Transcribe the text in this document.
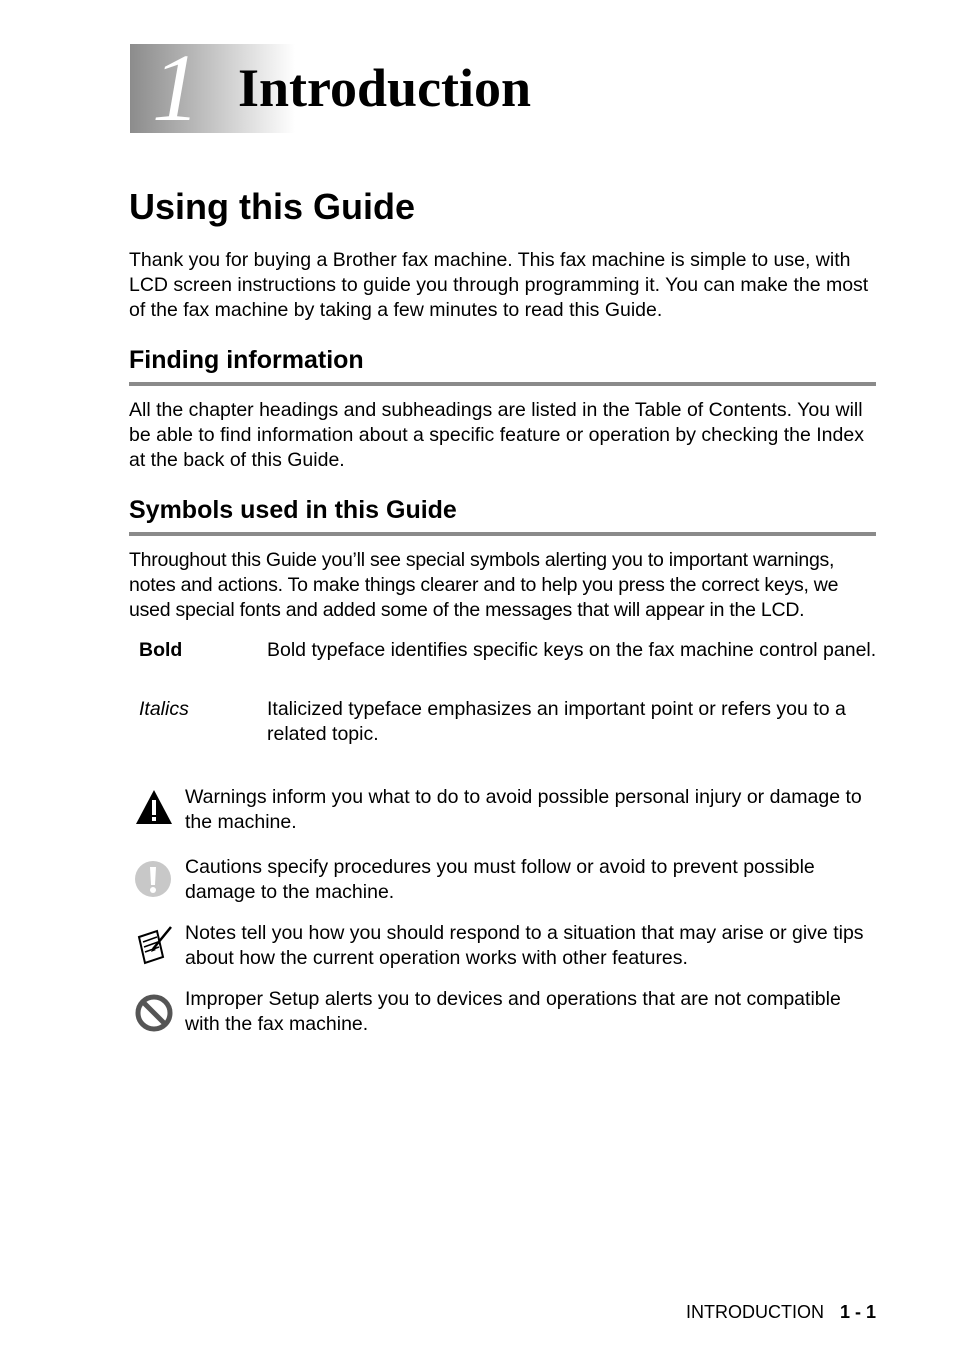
1 Introduction
Using this Guide

Thank you for buying a Brother fax machine. This fax machine is simple to use, with LCD screen instructions to guide you through programming it. You can make the most of the fax machine by taking a few minutes to read this Guide.

Finding information

All the chapter headings and subheadings are listed in the Table of Contents. You will be able to find information about a specific feature or operation by checking the Index at the back of this Guide.

Symbols used in this Guide

Throughout this Guide you’ll see special symbols alerting you to important warnings, notes and actions. To make things clearer and to help you press the correct keys, we used special fonts and added some of the messages that will appear in the LCD.

Bold	Bold typeface identifies specific keys on the fax machine control panel.
Italics	Italicized typeface emphasizes an important point or refers you to a related topic.
Warnings inform you what to do to avoid possible personal injury or damage to the machine.
Cautions specify procedures you must follow or avoid to prevent possible damage to the machine.
Notes tell you how you should respond to a situation that may arise or give tips about how the current operation works with other features.
Improper Setup alerts you to devices and operations that are not compatible with the fax machine.
INTRODUCTION 1 - 1
